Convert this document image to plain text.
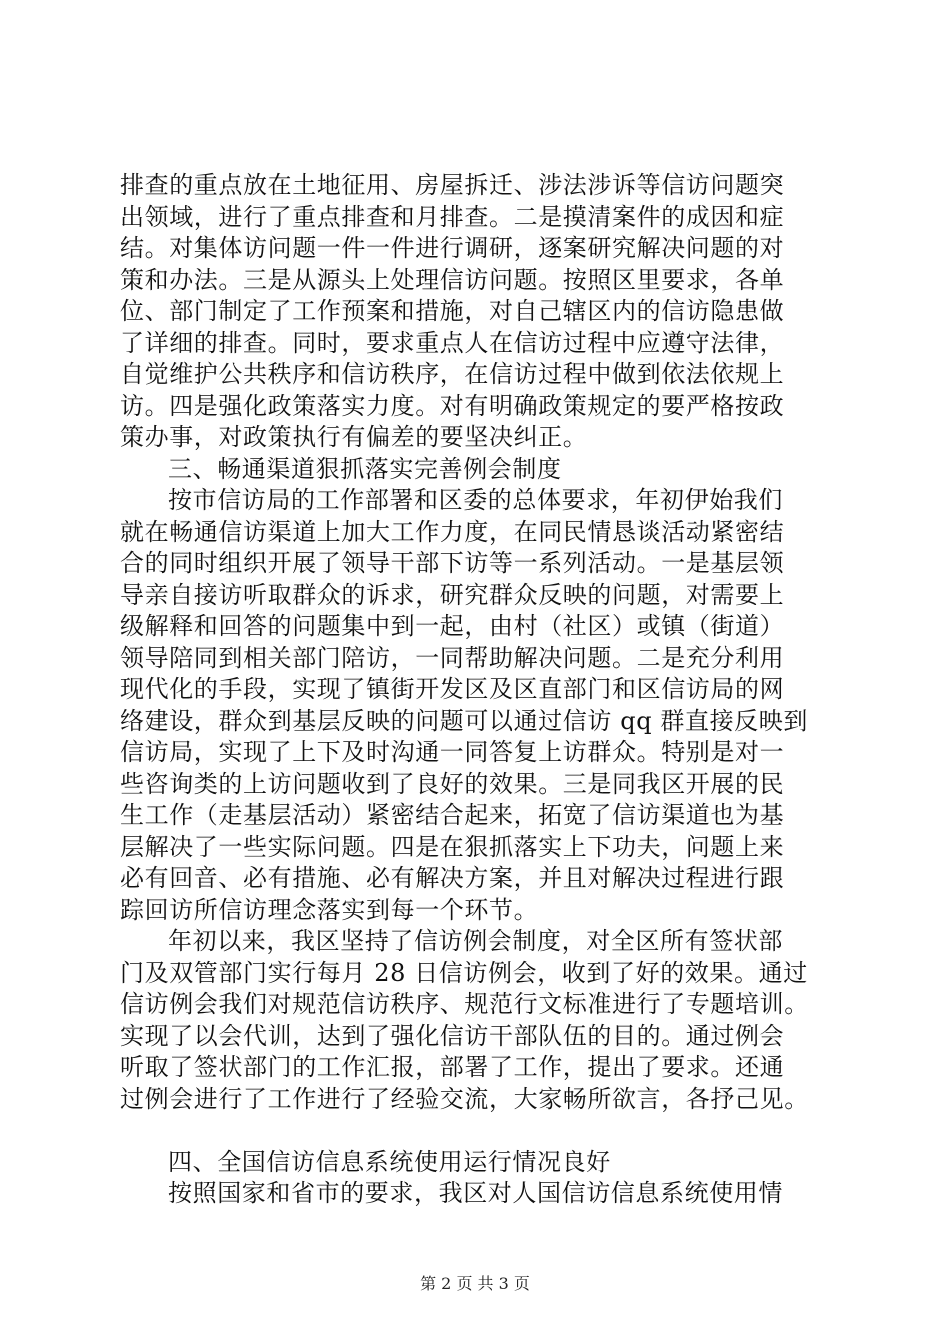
排查的重点放在土地征用、房屋拆迁、涉法涉诉等信访问题突
出领域，进行了重点排查和月排查。二是摸清案件的成因和症
结。对集体访问题一件一件进行调研，逐案研究解决问题的对
策和办法。三是从源头上处理信访问题。按照区里要求，各单
位、部门制定了工作预案和措施，对自己辖区内的信访隐患做
了详细的排查。同时，要求重点人在信访过程中应遵守法律，
自觉维护公共秩序和信访秩序，在信访过程中做到依法依规上
访。四是强化政策落实力度。对有明确政策规定的要严格按政
策办事，对政策执行有偏差的要坚决纠正。
三、畅通渠道狠抓落实完善例会制度
按市信访局的工作部署和区委的总体要求，年初伊始我们
就在畅通信访渠道上加大工作力度，在同民情恳谈活动紧密结
合的同时组织开展了领导干部下访等一系列活动。一是基层领
导亲自接访听取群众的诉求，研究群众反映的问题，对需要上
级解释和回答的问题集中到一起，由村（社区）或镇（街道）
领导陪同到相关部门陪访，一同帮助解决问题。二是充分利用
现代化的手段，实现了镇街开发区及区直部门和区信访局的网
络建设，群众到基层反映的问题可以通过信访 qq 群直接反映到
信访局，实现了上下及时沟通一同答复上访群众。特别是对一
些咨询类的上访问题收到了良好的效果。三是同我区开展的民
生工作（走基层活动）紧密结合起来，拓宽了信访渠道也为基
层解决了一些实际问题。四是在狠抓落实上下功夫，问题上来
必有回音、必有措施、必有解决方案，并且对解决过程进行跟
踪回访所信访理念落实到每一个环节。
年初以来，我区坚持了信访例会制度，对全区所有签状部
门及双管部门实行每月 28 日信访例会，收到了好的效果。通过
信访例会我们对规范信访秩序、规范行文标准进行了专题培训。
实现了以会代训，达到了强化信访干部队伍的目的。通过例会
听取了签状部门的工作汇报，部署了工作，提出了要求。还通
过例会进行了工作进行了经验交流，大家畅所欲言，各抒己见。
四、全国信访信息系统使用运行情况良好
按照国家和省市的要求，我区对人国信访信息系统使用情
第 2 页 共 3 页
